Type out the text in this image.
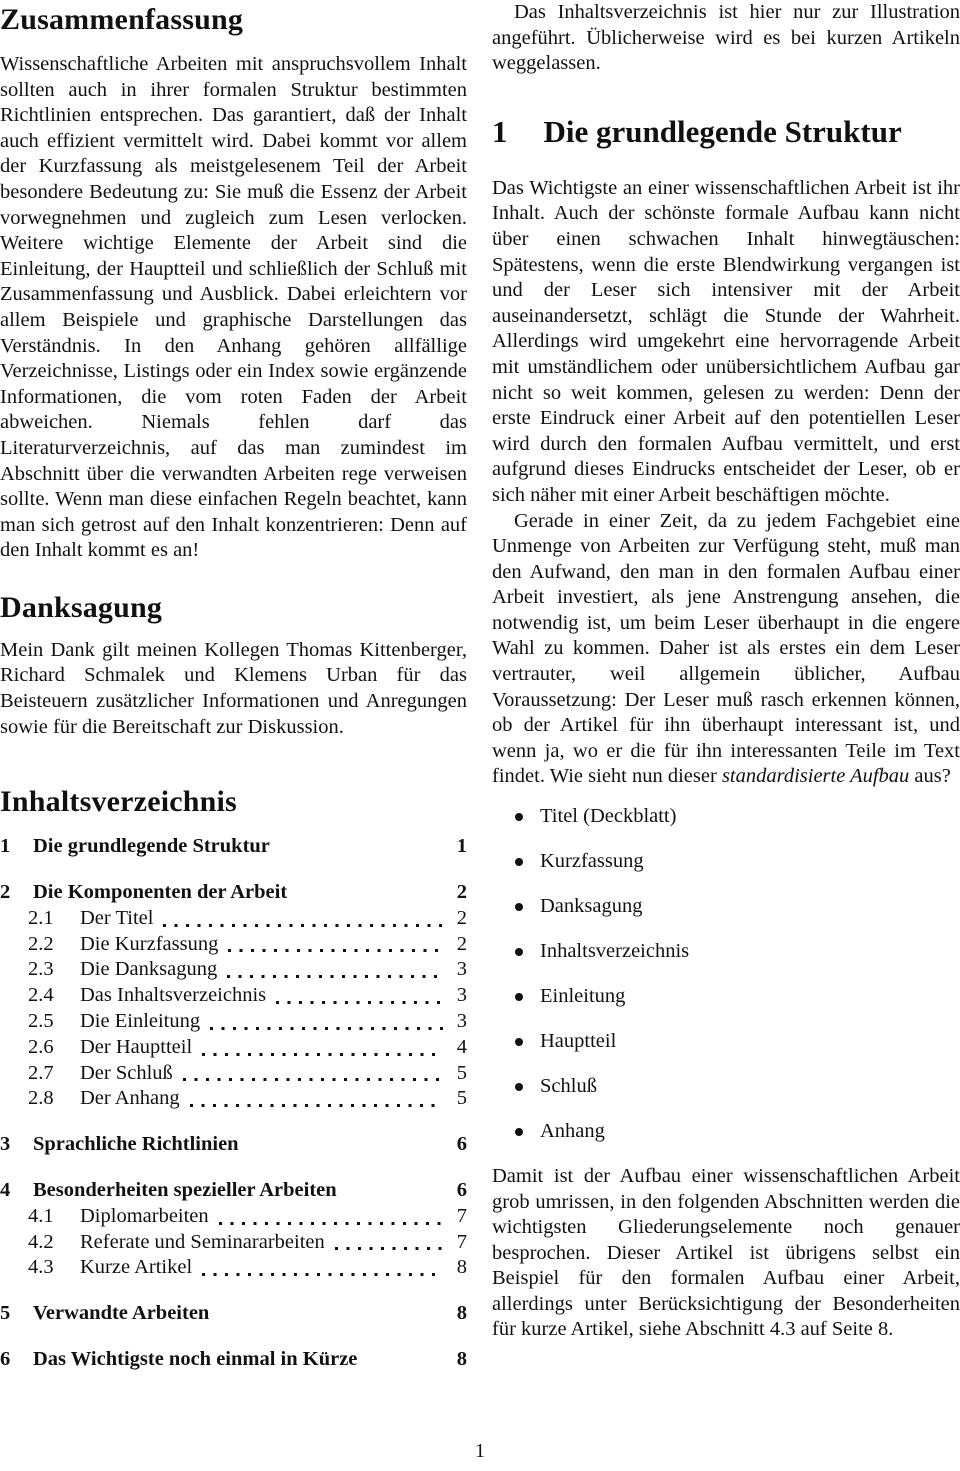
Zusammenfassung

Wissenschaftliche Arbeiten mit anspruchsvollem Inhalt sollten auch in ihrer formalen Struktur bestimmten Richtlinien entsprechen. Das garantiert, daß der Inhalt auch effizient vermittelt wird. Dabei kommt vor allem der Kurzfassung als meistgelesenem Teil der Arbeit besondere Bedeutung zu: Sie muß die Essenz der Arbeit vorwegnehmen und zugleich zum Lesen verlocken. Weitere wichtige Elemente der Arbeit sind die Einleitung, der Hauptteil und schließlich der Schluß mit Zusammenfassung und Ausblick. Dabei erleichtern vor allem Beispiele und graphische Darstellungen das Verständnis. In den Anhang gehören allfällige Verzeichnisse, Listings oder ein Index sowie ergänzende Informationen, die vom roten Faden der Arbeit abweichen. Niemals fehlen darf das Literaturverzeichnis, auf das man zumindest im Abschnitt über die verwandten Arbeiten rege verweisen sollte. Wenn man diese einfachen Regeln beachtet, kann man sich getrost auf den Inhalt konzentrieren: Denn auf den Inhalt kommt es an!

Danksagung

Mein Dank gilt meinen Kollegen Thomas Kittenberger, Richard Schmalek und Klemens Urban für das Beisteuern zusätzlicher Informationen und Anregungen sowie für die Bereitschaft zur Diskussion.

Inhaltsverzeichnis
1	Die grundlegende Struktur	1
2	Die Komponenten der Arbeit	2
2.1	Der Titel	2
2.2	Die Kurzfassung	2
2.3	Die Danksagung	3
2.4	Das Inhaltsverzeichnis	3
2.5	Die Einleitung	3
2.6	Der Hauptteil	4
2.7	Der Schluß	5
2.8	Der Anhang	5
3	Sprachliche Richtlinien	6
4	Besonderheiten spezieller Arbeiten	6
4.1	Diplomarbeiten	7
4.2	Referate und Seminararbeiten	7
4.3	Kurze Artikel	8
5	Verwandte Arbeiten	8
6	Das Wichtigste noch einmal in Kürze	8

Das Inhaltsverzeichnis ist hier nur zur Illustration angeführt. Üblicherweise wird es bei kurzen Artikeln weggelassen.

1 Die grundlegende Struktur

Das Wichtigste an einer wissenschaftlichen Arbeit ist ihr Inhalt. Auch der schönste formale Aufbau kann nicht über einen schwachen Inhalt hinwegtäuschen: Spätestens, wenn die erste Blendwirkung vergangen ist und der Leser sich intensiver mit der Arbeit auseinandersetzt, schlägt die Stunde der Wahrheit. Allerdings wird umgekehrt eine hervorragende Arbeit mit umständlichem oder unübersichtlichem Aufbau gar nicht so weit kommen, gelesen zu werden: Denn der erste Eindruck einer Arbeit auf den potentiellen Leser wird durch den formalen Aufbau vermittelt, und erst aufgrund dieses Eindrucks entscheidet der Leser, ob er sich näher mit einer Arbeit beschäftigen möchte.

Gerade in einer Zeit, da zu jedem Fachgebiet eine Unmenge von Arbeiten zur Verfügung steht, muß man den Aufwand, den man in den formalen Aufbau einer Arbeit investiert, als jene Anstrengung ansehen, die notwendig ist, um beim Leser überhaupt in die engere Wahl zu kommen. Daher ist als erstes ein dem Leser vertrauter, weil allgemein üblicher, Aufbau Voraussetzung: Der Leser muß rasch erkennen können, ob der Artikel für ihn überhaupt interessant ist, und wenn ja, wo er die für ihn interessanten Teile im Text findet. Wie sieht nun dieser standardisierte Aufbau aus?

Titel (Deckblatt)
Kurzfassung
Danksagung
Inhaltsverzeichnis
Einleitung
Hauptteil
Schluß
Anhang

Damit ist der Aufbau einer wissenschaftlichen Arbeit grob umrissen, in den folgenden Abschnitten werden die wichtigsten Gliederungselemente noch genauer besprochen. Dieser Artikel ist übrigens selbst ein Beispiel für den formalen Aufbau einer Arbeit, allerdings unter Berücksichtigung der Besonderheiten für kurze Artikel, siehe Abschnitt 4.3 auf Seite 8.

1
